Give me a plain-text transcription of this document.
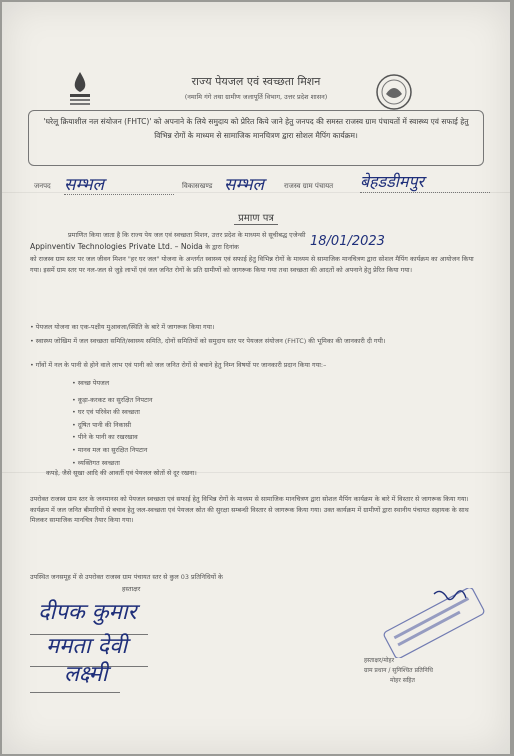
राज्य पेयजल एवं स्वच्छता मिशन
(नमामि गंगे तथा ग्रामीण जलापूर्ति विभाग, उत्तर प्रदेश शासन)
'घरेलू क्रियाशील नल संयोजन (FHTC)' को अपनाने के लिये समुदाय को प्रेरित किये जाने हेतु जनपद की समस्त राजस्व ग्राम पंचायतों में स्वास्थ्य एवं सफाई हेतु विभिन्न रोगों के माध्यम से सामाजिक मानचित्रण द्वारा सोशल मैपिंग कार्यक्रम।
जनपद सम्भल	विकासखण्ड सम्भल	राजस्व ग्राम पंचायत बेहडडीमपुर
प्रमाण पत्र
प्रमाणित किया जाता है कि राज्य पेय जल एवं स्वच्छता मिशन, उत्तर प्रदेश के माध्यम से सूचीबद्ध एजेन्सी
Appinventiv Technologies Private Ltd. – Noida के द्वारा दिनांक	18/01/2023
को राजस्व ग्राम स्तर पर जल जीवन मिशन "हर घर जल" योजना के अन्तर्गत स्वास्थ्य एवं सफाई हेतु विभिन्न रोगों के माध्यम से सामाजिक मानचित्रण द्वारा सोशल मैपिंग कार्यक्रम का आयोजन किया गया। इसमें ग्राम स्तर पर नल-जल से जुड़े लाभों एवं जल जनित रोगों के प्रति ग्रामीणों को जागरूक किया गया तथा स्वच्छता की आदतों को अपनाने हेतु प्रेरित किया गया।
• पेयजल योजना का एक-पक्षीय मुआवजा/स्थिति के बारे में जागरूक किया गया।
• स्वास्थ्य जोखिम में जल स्वच्छता समिति/स्वास्थ्य समिति, दोनों समितियों को समुदाय स्तर पर पेयजल संयोजन (FHTC) की भूमिका की जानकारी दी गयी।
• गाँवों में नल के पानी से होने वाले लाभ एवं पानी को जल जनित रोगों से बचाने हेतु निम्न विषयों पर जानकारी प्रदान किया गया:–
• स्वच्छ पेयजल
• कूड़ा-करकट का सुरक्षित निपटान
• घर एवं परिवेश की स्वच्छता
• दूषित पानी की निकासी
• पीने के पानी का रखरखाव
• मानव मल का सुरक्षित निपटान
• व्यक्तिगत स्वच्छता
कपड़े, जैसे सूखा आदि की आवर्ती एवं पेयजल स्रोतों से दूर रखना।
उपरोक्त राजस्व ग्राम स्तर के जनमानस को पेयजल स्वच्छता एवं सफाई हेतु विभिन्न रोगों के माध्यम से सामाजिक मानचित्रण द्वारा सोशल मैपिंग कार्यक्रम के बारे में विस्तार से जागरूक किया गया। कार्यक्रम में जल जनित बीमारियों से बचाव हेतु जल-स्वच्छता एवं पेयजल स्रोत की सुरक्षा सम्बन्धी विस्तार से जागरूक किया गया। उक्त कार्यक्रम में ग्रामीणों द्वारा स्थानीय पंचायत सहायक के साथ मिलकर सामाजिक मानचित्र तैयार किया गया।
उपस्थित जनसमूह में से उपरोक्त राजस्व ग्राम पंचायत स्तर से कुल 03 प्रतिनिधियों के
हस्ताक्षर
दीपक कुमार
ममता देवी
लक्ष्मी
हस्ताक्षर/मोहर
ग्राम प्रधान / सुनिश्चित प्रतिनिधि
मोहर सहित
